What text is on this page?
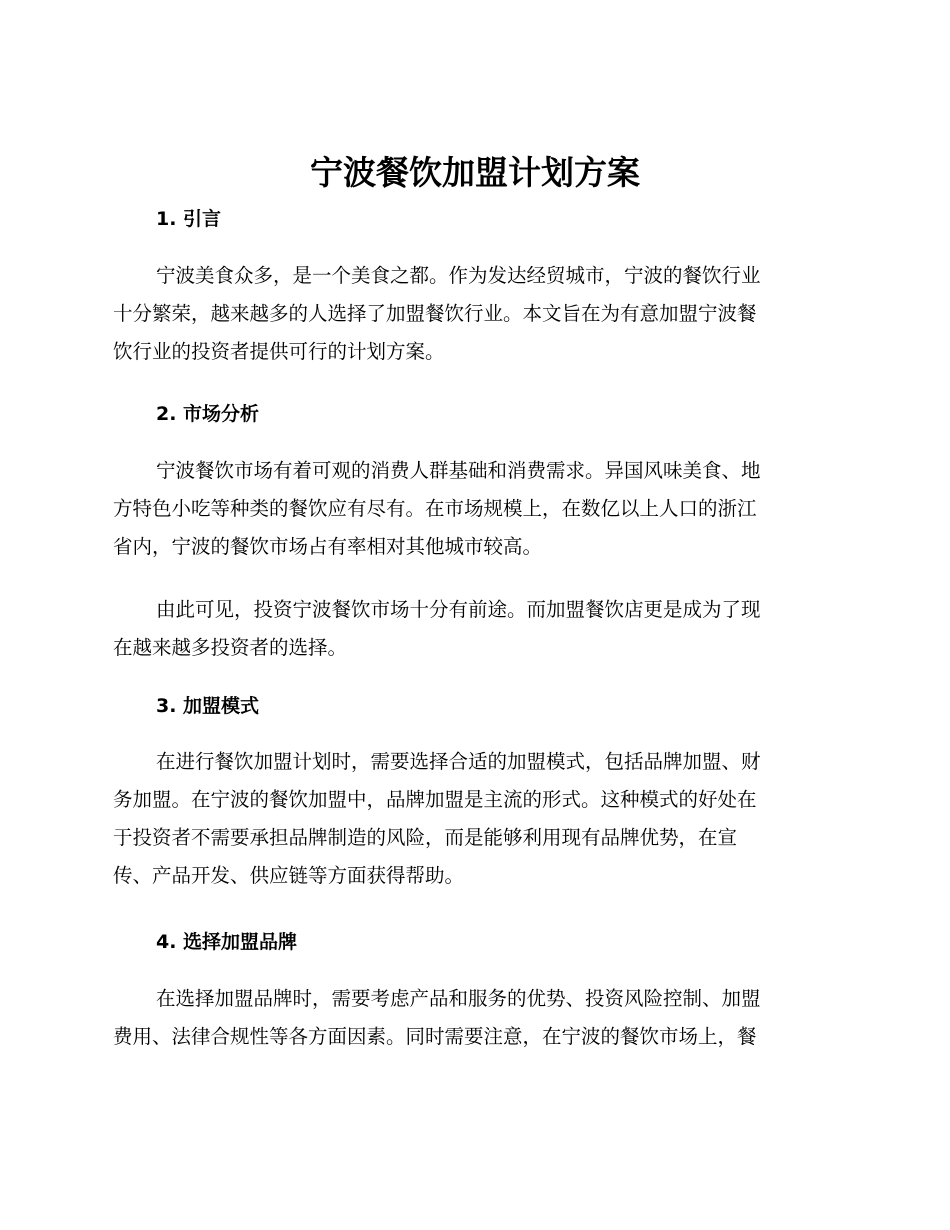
宁波餐饮加盟计划方案
1. 引言

宁波美食众多，是一个美食之都。作为发达经贸城市，宁波的餐饮行业
十分繁荣，越来越多的人选择了加盟餐饮行业。本文旨在为有意加盟宁波餐
饮行业的投资者提供可行的计划方案。

2. 市场分析

宁波餐饮市场有着可观的消费人群基础和消费需求。异国风味美食、地
方特色小吃等种类的餐饮应有尽有。在市场规模上，在数亿以上人口的浙江
省内，宁波的餐饮市场占有率相对其他城市较高。

由此可见，投资宁波餐饮市场十分有前途。而加盟餐饮店更是成为了现
在越来越多投资者的选择。

3. 加盟模式

在进行餐饮加盟计划时，需要选择合适的加盟模式，包括品牌加盟、财
务加盟。在宁波的餐饮加盟中，品牌加盟是主流的形式。这种模式的好处在
于投资者不需要承担品牌制造的风险，而是能够利用现有品牌优势，在宣
传、产品开发、供应链等方面获得帮助。

4. 选择加盟品牌

在选择加盟品牌时，需要考虑产品和服务的优势、投资风险控制、加盟
费用、法律合规性等各方面因素。同时需要注意，在宁波的餐饮市场上，餐
